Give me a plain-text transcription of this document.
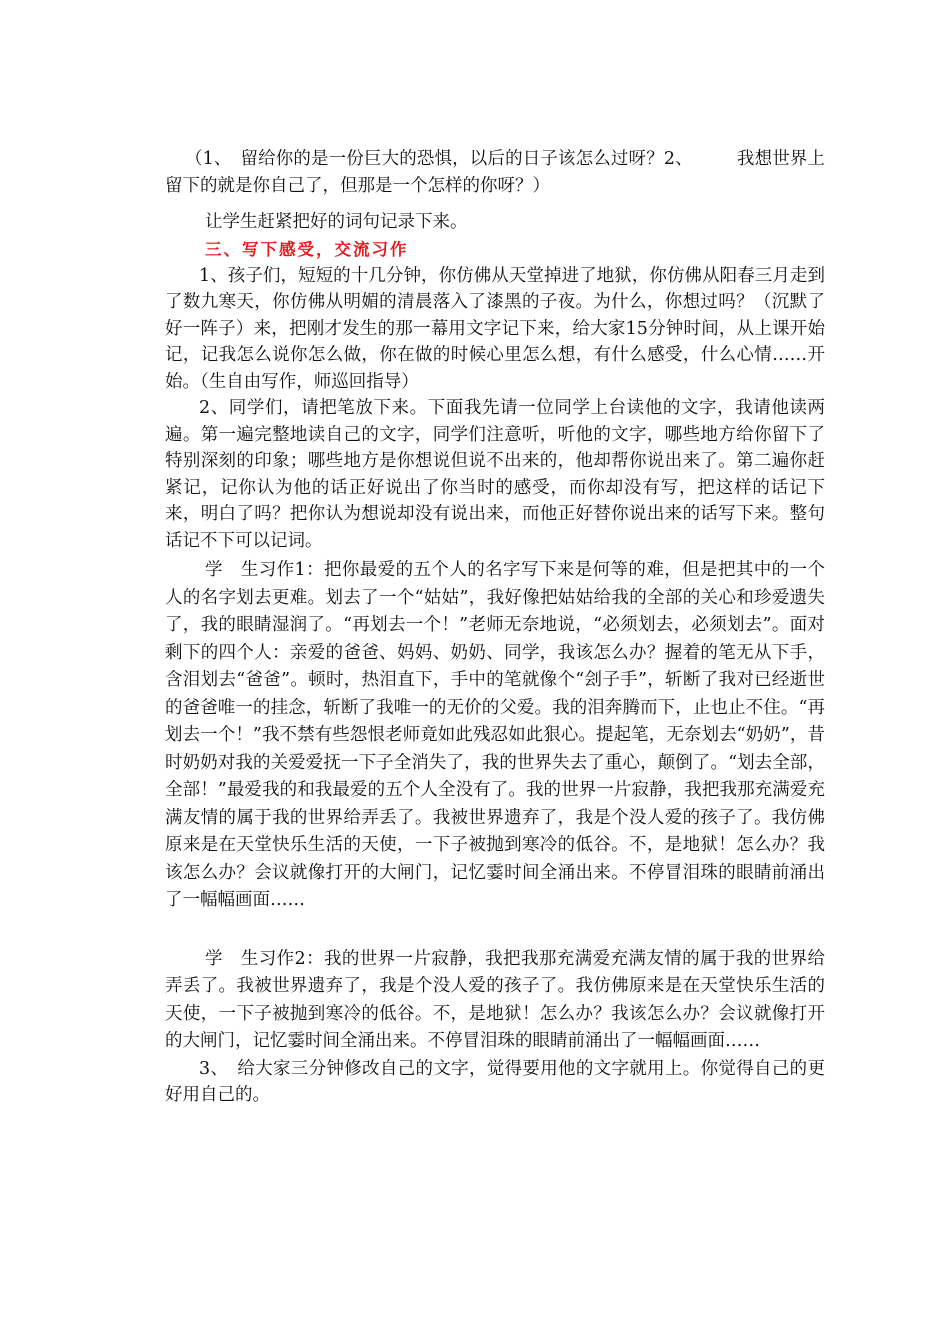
（1、　留给你的是一份巨大的恐惧，以后的日子该怎么过呀？2、　　　我想世界上留下的就是你自己了，但那是一个怎样的你呀？）

让学生赶紧把好的词句记录下来。

三、写下感受，交流习作

1、孩子们，短短的十几分钟，你仿佛从天堂掉进了地狱，你仿佛从阳春三月走到了数九寒天，你仿佛从明媚的清晨落入了漆黑的子夜。为什么，你想过吗？（沉默了好一阵子）来，把刚才发生的那一幕用文字记下来，给大家15分钟时间，从上课开始记，记我怎么说你怎么做，你在做的时候心里怎么想，有什么感受，什么心情……开始。（生自由写作，师巡回指导）

2、同学们，请把笔放下来。下面我先请一位同学上台读他的文字，我请他读两遍。第一遍完整地读自己的文字，同学们注意听，听他的文字，哪些地方给你留下了特别深刻的印象；哪些地方是你想说但说不出来的，他却帮你说出来了。第二遍你赶紧记，记你认为他的话正好说出了你当时的感受，而你却没有写，把这样的话记下来，明白了吗？把你认为想说却没有说出来，而他正好替你说出来的话写下来。整句话记不下可以记词。

学　生习作1：把你最爱的五个人的名字写下来是何等的难，但是把其中的一个人的名字划去更难。划去了一个“姑姑”，我好像把姑姑给我的全部的关心和珍爱遗失了，我的眼睛湿润了。“再划去一个！”老师无奈地说，“必须划去，必须划去”。面对剩下的四个人：亲爱的爸爸、妈妈、奶奶、同学，我该怎么办？握着的笔无从下手，含泪划去“爸爸”。顿时，热泪直下，手中的笔就像个“刽子手”，斩断了我对已经逝世的爸爸唯一的挂念，斩断了我唯一的无价的父爱。我的泪奔腾而下，止也止不住。“再划去一个！”我不禁有些怨恨老师竟如此残忍如此狠心。提起笔，无奈划去“奶奶”，昔时奶奶对我的关爱爱抚一下子全消失了，我的世界失去了重心，颠倒了。“划去全部，全部！”最爱我的和我最爱的五个人全没有了。我的世界一片寂静，我把我那充满爱充满友情的属于我的世界给弄丢了。我被世界遗弃了，我是个没人爱的孩子了。我仿佛原来是在天堂快乐生活的天使，一下子被抛到寒冷的低谷。不，是地狱！怎么办？我该怎么办？会议就像打开的大闸门，记忆霎时间全涌出来。不停冒泪珠的眼睛前涌出了一幅幅画面……

学　生习作2：我的世界一片寂静，我把我那充满爱充满友情的属于我的世界给弄丢了。我被世界遗弃了，我是个没人爱的孩子了。我仿佛原来是在天堂快乐生活的天使，一下子被抛到寒冷的低谷。不，是地狱！怎么办？我该怎么办？会议就像打开的大闸门，记忆霎时间全涌出来。不停冒泪珠的眼睛前涌出了一幅幅画面……

3、　给大家三分钟修改自己的文字，觉得要用他的文字就用上。你觉得自己的更好用自己的。
